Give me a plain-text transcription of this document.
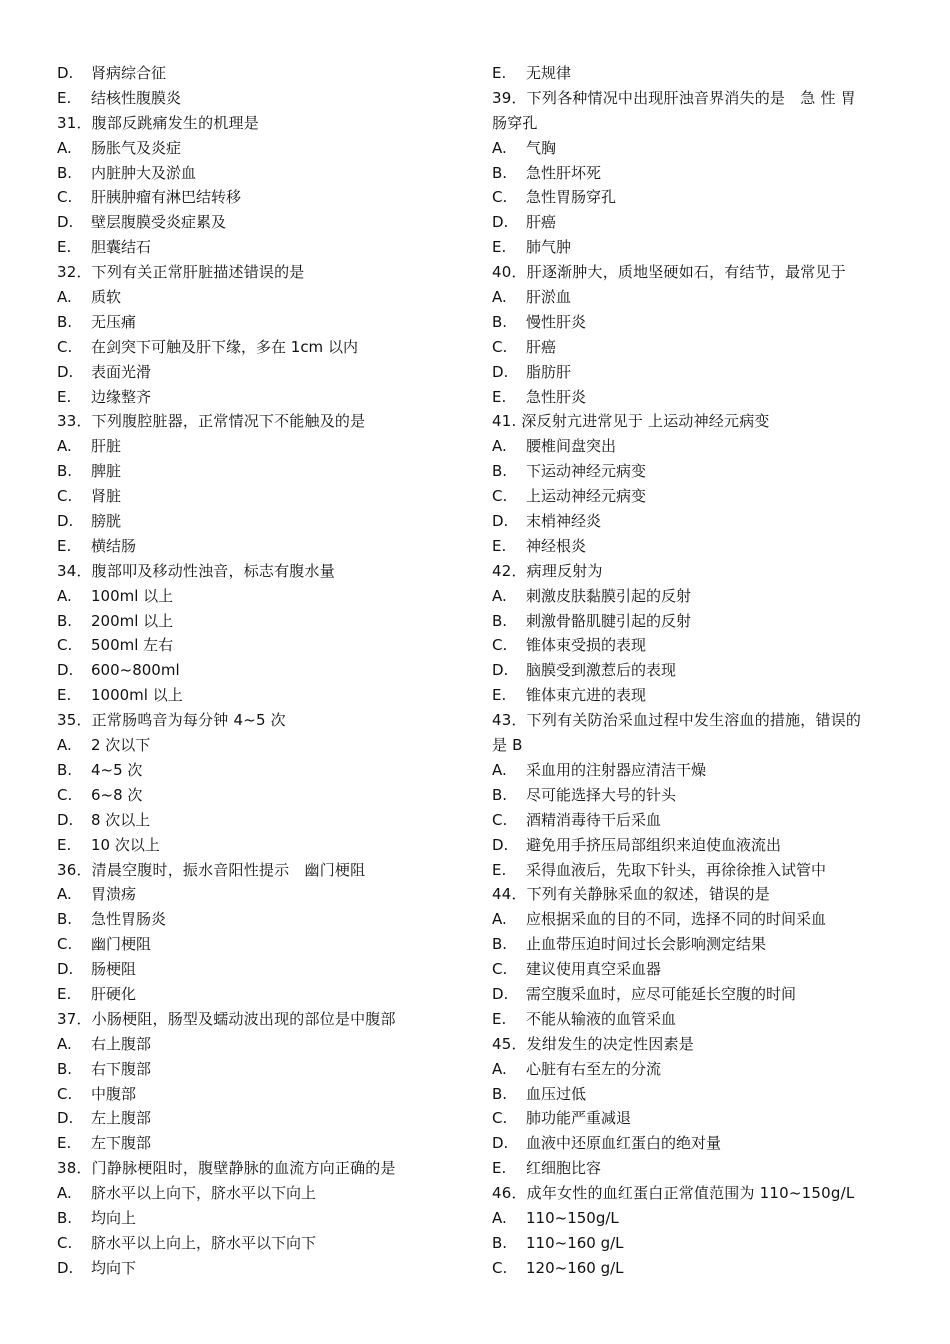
D.	肾病综合征
E.	结核性腹膜炎
31．腹部反跳痛发生的机理是
A.	肠胀气及炎症
B.	内脏肿大及淤血
C.	肝胰肿瘤有淋巴结转移
D.	壁层腹膜受炎症累及
E.	胆囊结石
32．下列有关正常肝脏描述错误的是
A.	质软
B.	无压痛
C.	在剑突下可触及肝下缘，多在 1cm 以内
D.	表面光滑
E.	边缘整齐
33．下列腹腔脏器，正常情况下不能触及的是
A.	肝脏
B.	脾脏
C.	肾脏
D.	膀胱
E.	横结肠
34．腹部叩及移动性浊音，标志有腹水量
A.	100ml 以上
B.	200ml 以上
C.	500ml 左右
D.	600~800ml
E.	1000ml 以上
35．正常肠鸣音为每分钟 4~5 次
A.	2 次以下
B.	4~5 次
C.	6~8 次
D.	8 次以上
E.	10 次以上
36．清晨空腹时，振水音阳性提示　幽门梗阻
A.	胃溃疡
B.	急性胃肠炎
C.	幽门梗阻
D.	肠梗阻
E.	肝硬化
37．小肠梗阻，肠型及蠕动波出现的部位是中腹部
A.	右上腹部
B.	右下腹部
C.	中腹部
D.	左上腹部
E.	左下腹部
38．门静脉梗阻时，腹壁静脉的血流方向正确的是
A.	脐水平以上向下，脐水平以下向上
B.	均向上
C.	脐水平以上向上，脐水平以下向下
D.	均向下
E.	无规律
39．下列各种情况中出现肝浊音界消失的是　急 性 胃
肠穿孔
A.	气胸
B.	急性肝坏死
C.	急性胃肠穿孔
D.	肝癌
E.	肺气肿
40．肝逐渐肿大，质地坚硬如石，有结节，最常见于
A.	肝淤血
B.	慢性肝炎
C.	肝癌
D.	脂肪肝
E.	急性肝炎
41. 深反射亢进常见于 上运动神经元病变
A.	腰椎间盘突出
B.	下运动神经元病变
C.	上运动神经元病变
D.	末梢神经炎
E.	神经根炎
42．病理反射为
A.	刺激皮肤黏膜引起的反射
B.	刺激骨骼肌腱引起的反射
C.	锥体束受损的表现
D.	脑膜受到激惹后的表现
E.	锥体束亢进的表现
43．下列有关防治采血过程中发生溶血的措施，错误的
是 B
A.	采血用的注射器应清洁干燥
B.	尽可能选择大号的针头
C.	酒精消毒待干后采血
D.	避免用手挤压局部组织来迫使血液流出
E.	采得血液后，先取下针头，再徐徐推入试管中
44．下列有关静脉采血的叙述，错误的是
A.	应根据采血的目的不同，选择不同的时间采血
B.	止血带压迫时间过长会影响测定结果
C.	建议使用真空采血器
D.	需空腹采血时，应尽可能延长空腹的时间
E.	不能从输液的血管采血
45．发绀发生的决定性因素是
A.	心脏有右至左的分流
B.	血压过低
C.	肺功能严重减退
D.	血液中还原血红蛋白的绝对量
E.	红细胞比容
46．成年女性的血红蛋白正常值范围为 110~150g/L
A.	110~150g/L
B.	110~160 g/L
C.	120~160 g/L
